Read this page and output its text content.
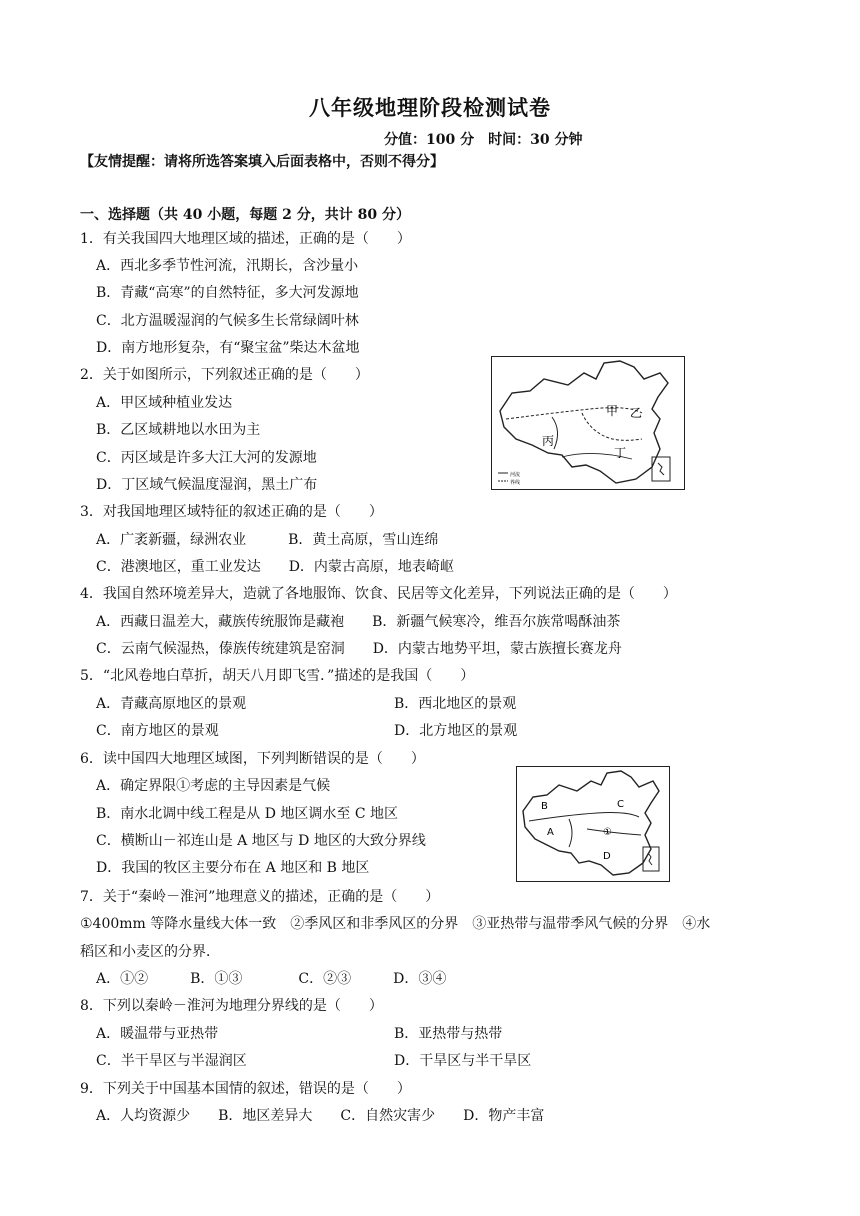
八年级地理阶段检测试卷
分值：100 分　时间：30 分钟
【友情提醒：请将所选答案填入后面表格中，否则不得分】
一、选择题（共 40 小题，每题 2 分，共计 80 分）
1．有关我国四大地理区域的描述，正确的是（　　）
A．西北多季节性河流，汛期长，含沙量小
B．青藏“高寒”的自然特征，多大河发源地
C．北方温暖湿润的气候多生长常绿阔叶林
D．南方地形复杂，有“聚宝盆”柴达木盆地
2．关于如图所示，下列叙述正确的是（　　）
A．甲区域种植业发达
B．乙区域耕地以水田为主
C．丙区域是许多大江大河的发源地
D．丁区域气候温度湿润，黑土广布
甲 乙
丙
丁
河流
界线
3．对我国地理区域特征的叙述正确的是（　　）
A．广袤新疆，绿洲农业　　　B．黄土高原，雪山连绵
C．港澳地区，重工业发达　　D．内蒙古高原，地表崎岖
4．我国自然环境差异大，造就了各地服饰、饮食、民居等文化差异，下列说法正确的是（　　）
A．西藏日温差大，藏族传统服饰是藏袍　　B．新疆气候寒冷，维吾尔族常喝酥油茶
C．云南气候湿热，傣族传统建筑是窑洞　　D．内蒙古地势平坦，蒙古族擅长赛龙舟
5．“北风卷地白草折，胡天八月即飞雪．”描述的是我国（　　）
A．青藏高原地区的景观	B．西北地区的景观
C．南方地区的景观	D．北方地区的景观
6．读中国四大地理区域图，下列判断错误的是（　　）
A．确定界限①考虑的主导因素是气候
B．南水北调中线工程是从 D 地区调水至 C 地区
C．横断山－祁连山是 A 地区与 D 地区的大致分界线
D．我国的牧区主要分布在 A 地区和 B 地区
B	C
A	①
D
7．关于“秦岭－淮河”地理意义的描述，正确的是（　　）
①400mm 等降水量线大体一致　②季风区和非季风区的分界　③亚热带与温带季风气候的分界　④水
稻区和小麦区的分界．
A．①②　　　B．①③　　　　C．②③　　　D．③④
8．下列以秦岭－淮河为地理分界线的是（　　）
A．暖温带与亚热带	B．亚热带与热带
C．半干旱区与半湿润区	D．干旱区与半干旱区
9．下列关于中国基本国情的叙述，错误的是（　　）
A．人均资源少　　B．地区差异大　　C．自然灾害少　　D．物产丰富
